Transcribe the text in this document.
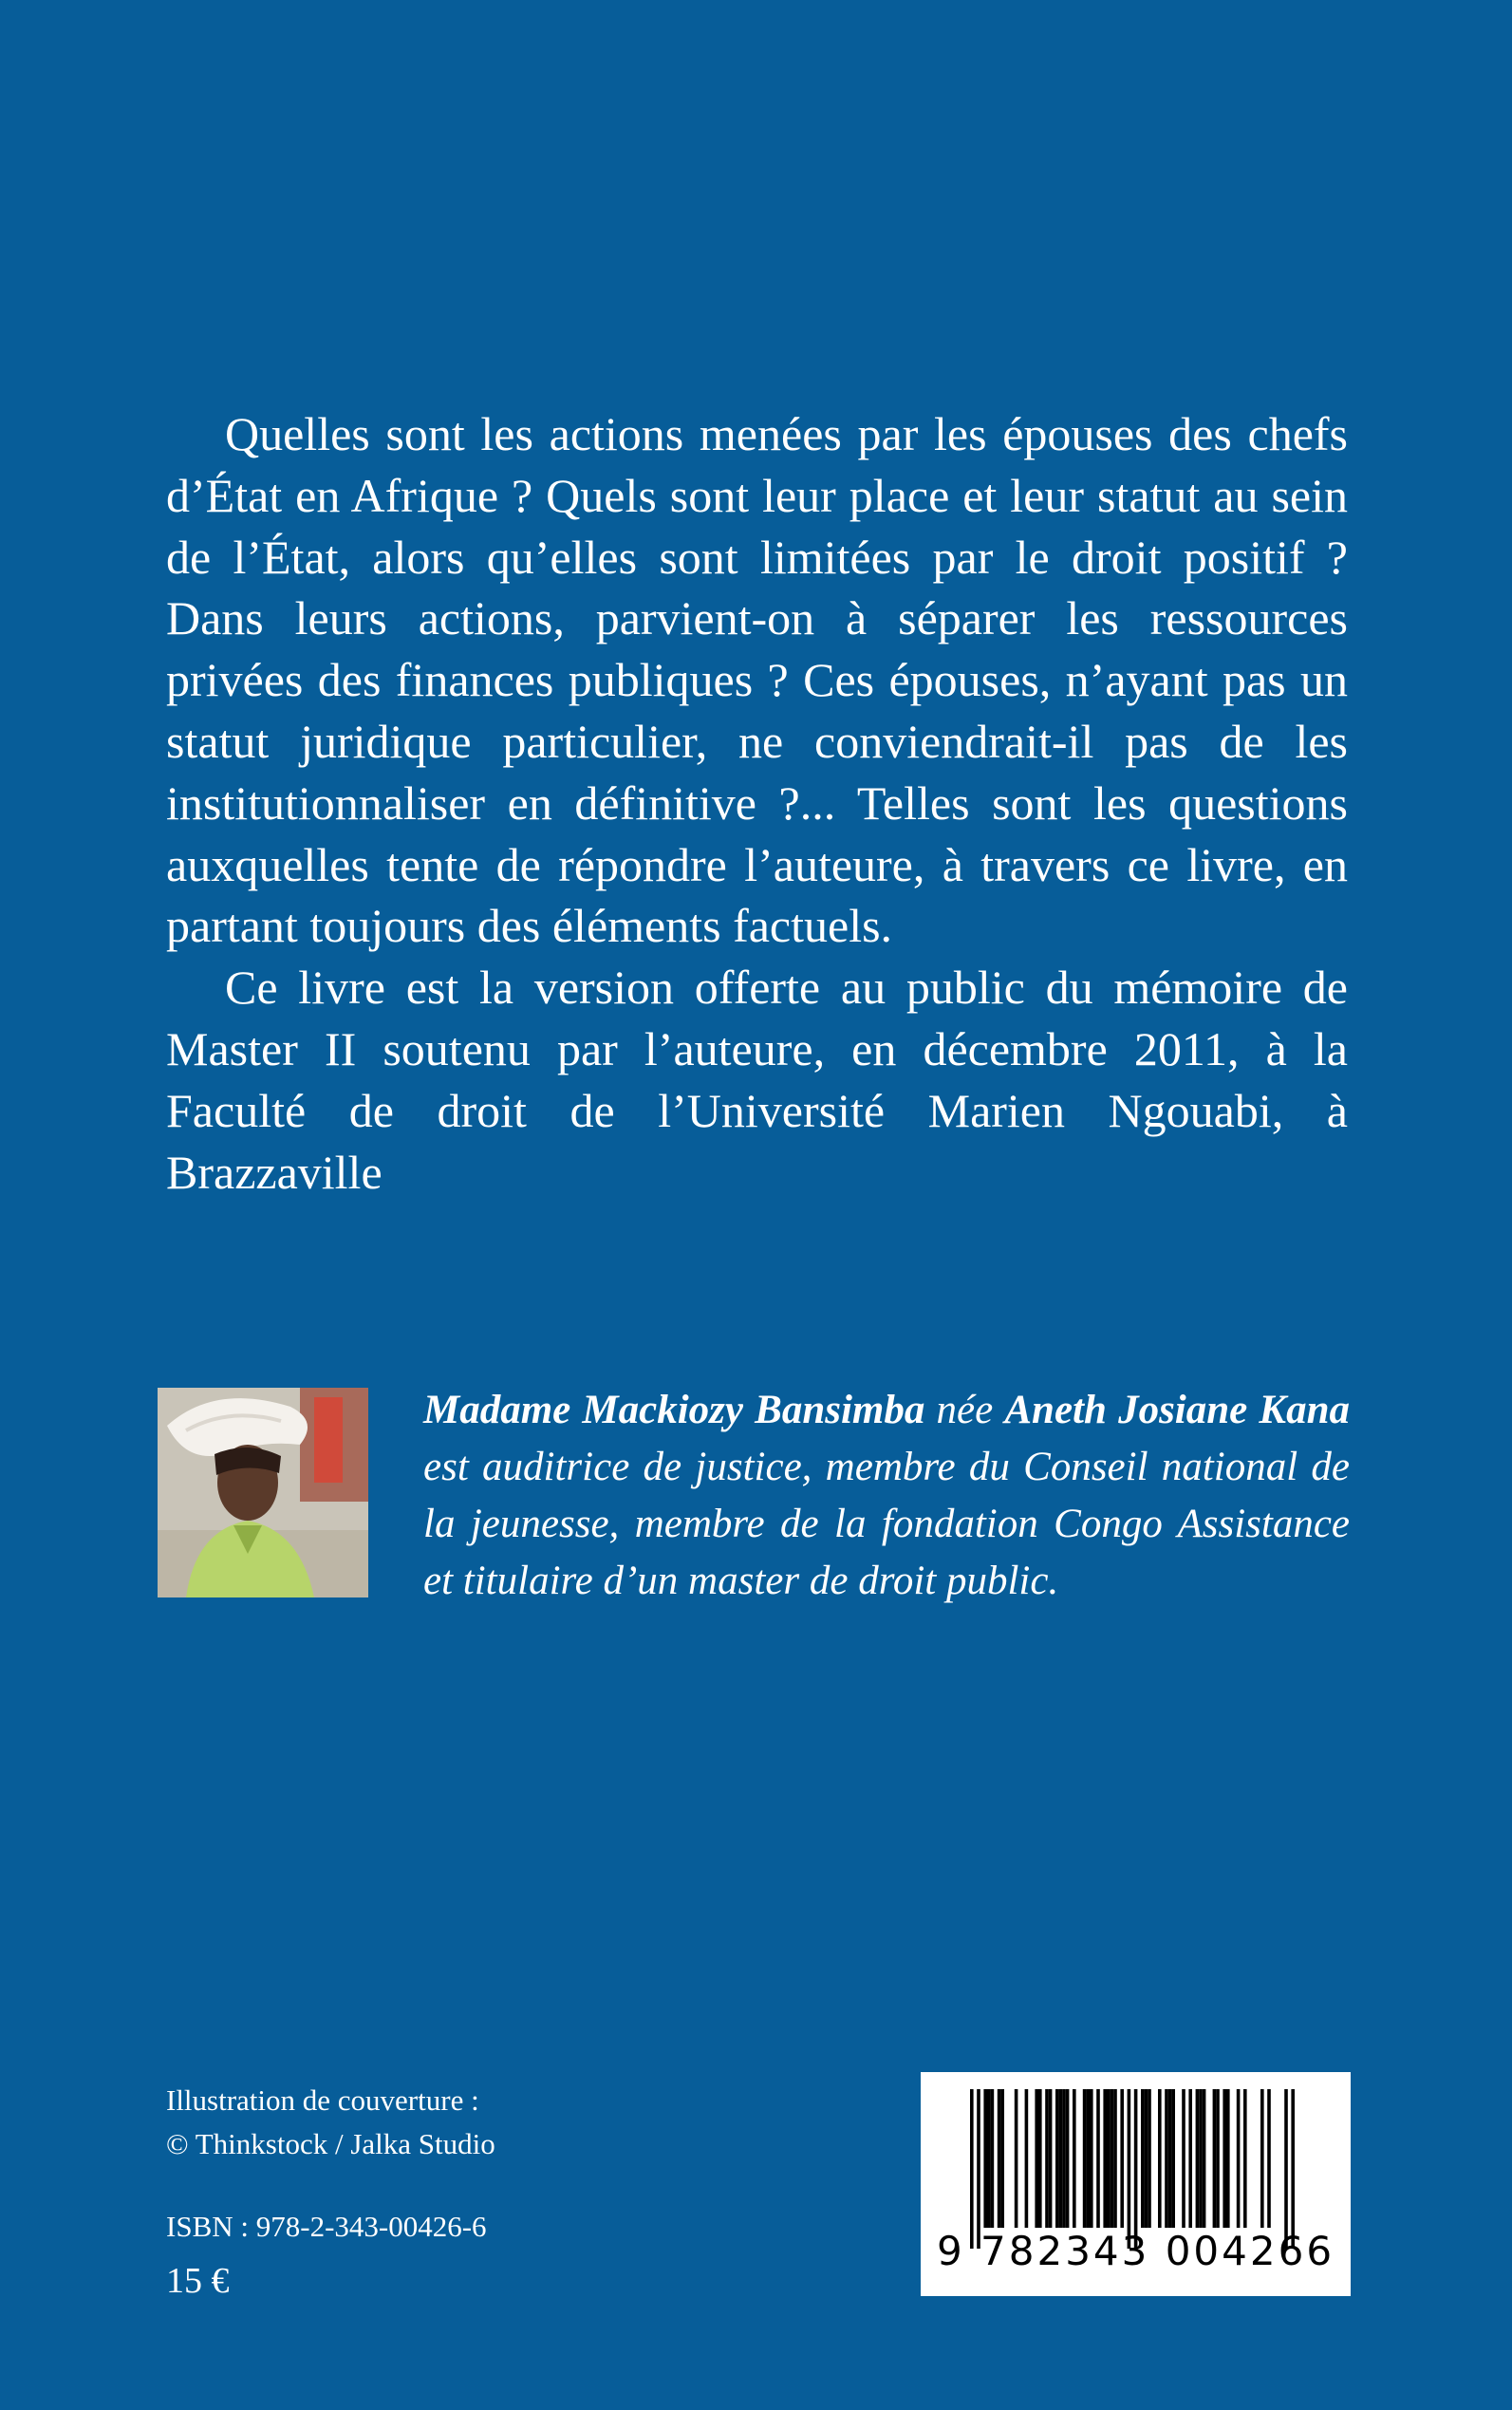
Quelles sont les actions menées par les épouses des chefs d’État en Afrique ? Quels sont leur place et leur statut au sein de l’État, alors qu’elles sont limitées par le droit positif ? Dans leurs actions, parvient-on à séparer les ressources privées des finances publiques ? Ces épouses, n’ayant pas un statut juridique particulier, ne conviendrait-il pas de les institutionnaliser en définitive ?... Telles sont les questions auxquelles tente de répondre l’auteure, à travers ce livre, en partant toujours des éléments factuels.

Ce livre est la version offerte au public du mémoire de Master II soutenu par l’auteure, en décembre 2011, à la Faculté de droit de l’Université Marien Ngouabi, à Brazzaville

Madame Mackiozy Bansimba née Aneth Josiane Kana est auditrice de justice, membre du Conseil national de la jeunesse, membre de la fondation Congo Assistance et titulaire d’un master de droit public.
Illustration de couverture :
© Thinkstock / Jalka Studio
ISBN : 978-2-343-00426-6
15 €
9 782343 004266
